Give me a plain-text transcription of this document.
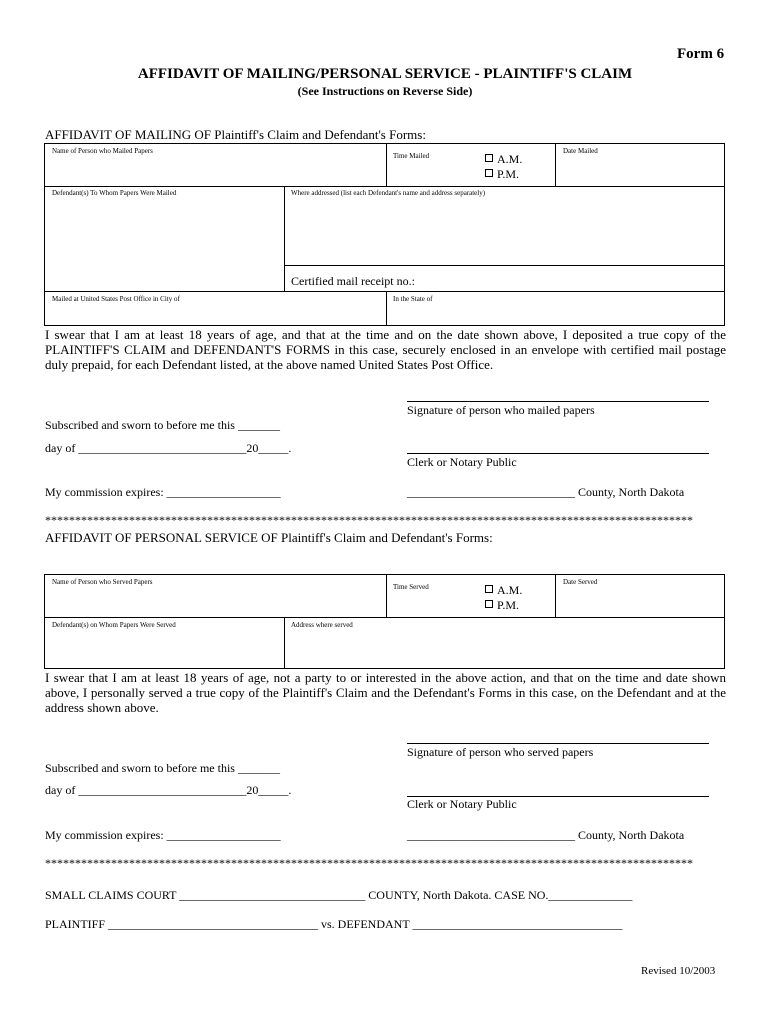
Form 6
AFFIDAVIT OF MAILING/PERSONAL SERVICE - PLAINTIFF'S CLAIM
(See Instructions on Reverse Side)
AFFIDAVIT OF MAILING OF Plaintiff's Claim and Defendant's Forms:
Name of Person who Mailed Papers
Time Mailed	A.M.
P.M.
Date Mailed
Defendant(s) To Whom Papers Were Mailed	Where addressed (list each Defendant's name and address separately)
Certified mail receipt no.:
Mailed at United States Post Office in City of	In the State of
I swear that I am at least 18 years of age, and that at the time and on the date shown above, I deposited a true copy of the PLAINTIFF'S CLAIM and DEFENDANT'S FORMS in this case, securely enclosed in an envelope with certified mail postage duly prepaid, for each Defendant listed, at the above named United States Post Office.
Signature of person who mailed papers
Subscribed and sworn to before me this _______
day of ____________________________20_____.
Clerk or Notary Public
My commission expires: ___________________	____________________________ County, North Dakota
************************************************************************************************************
AFFIDAVIT OF PERSONAL SERVICE OF Plaintiff's Claim and Defendant's Forms:
Name of Person who Served Papers
Time Served	A.M.
P.M.
Date Served
Defendant(s) on Whom Papers Were Served	Address where served
I swear that I am at least 18 years of age, not a party to or interested in the above action, and that on the time and date shown above, I personally served a true copy of the Plaintiff's Claim and the Defendant's Forms in this case, on the Defendant and at the address shown above.
Signature of person who served papers
Subscribed and sworn to before me this _______
day of ____________________________20_____.
Clerk or Notary Public
My commission expires: ___________________	____________________________ County, North Dakota
************************************************************************************************************
SMALL CLAIMS COURT _______________________________ COUNTY, North Dakota. CASE NO.______________
PLAINTIFF ___________________________________ vs. DEFENDANT ___________________________________
Revised 10/2003
